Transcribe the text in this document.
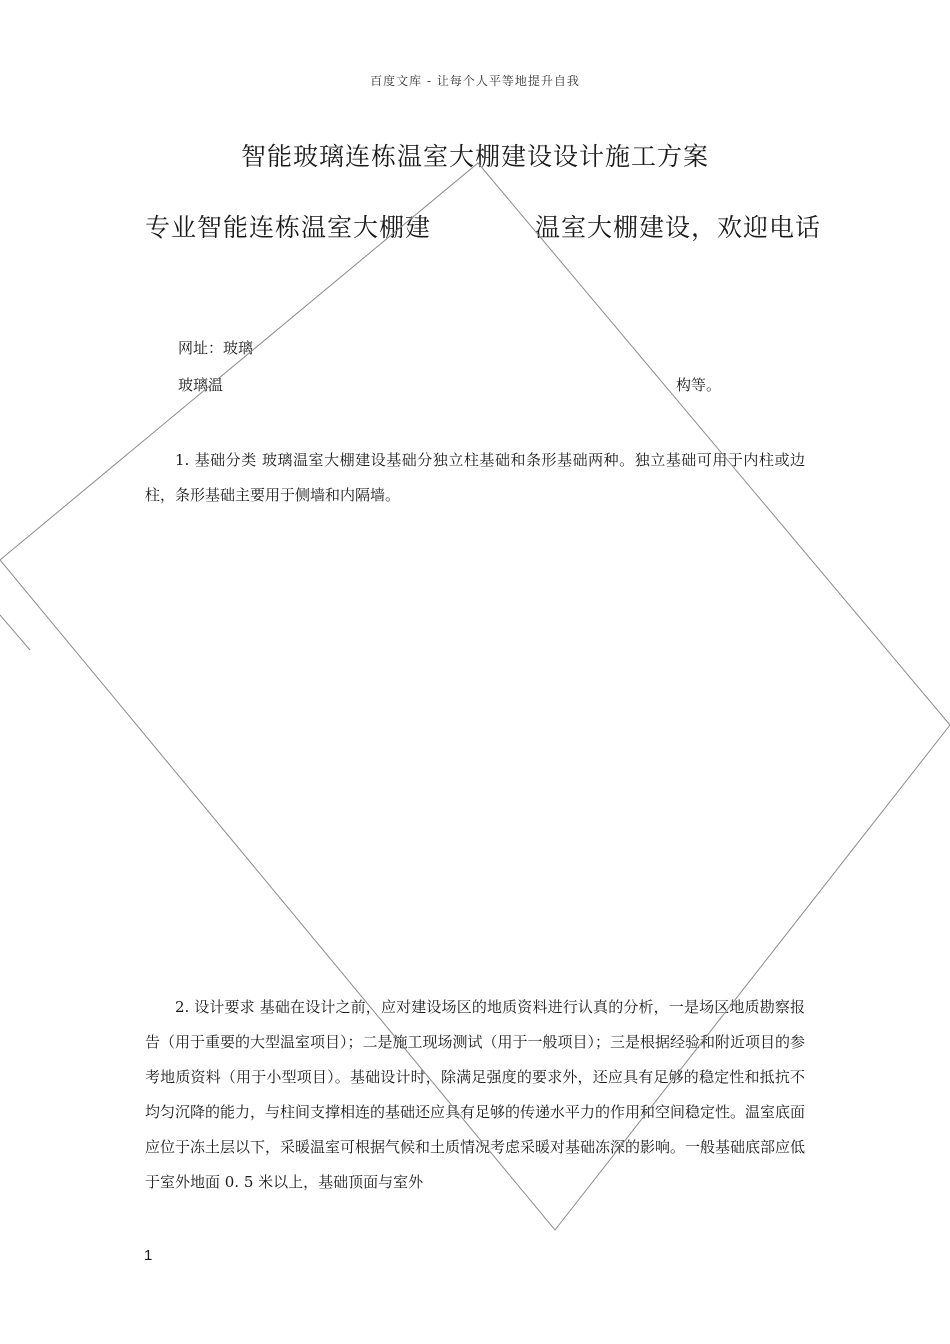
百度文库 - 让每个人平等地提升自我
智能玻璃连栋温室大棚建设设计施工方案
专业智能连栋温室大棚建	温室大棚建设，欢迎电话
网址：玻璃
玻璃温	构等。
1. 基础分类 玻璃温室大棚建设基础分独立柱基础和条形基础两种。独立基础可用于内柱或边柱，条形基础主要用于侧墙和内隔墙。
2. 设计要求 基础在设计之前，应对建设场区的地质资料进行认真的分析，一是场区地质勘察报告（用于重要的大型温室项目）；二是施工现场测试（用于一般项目）；三是根据经验和附近项目的参考地质资料（用于小型项目）。基础设计时，除满足强度的要求外，还应具有足够的稳定性和抵抗不均匀沉降的能力，与柱间支撑相连的基础还应具有足够的传递水平力的作用和空间稳定性。温室底面应位于冻土层以下，采暖温室可根据气候和土质情况考虑采暖对基础冻深的影响。一般基础底部应低于室外地面 0. 5 米以上，基础顶面与室外
1
